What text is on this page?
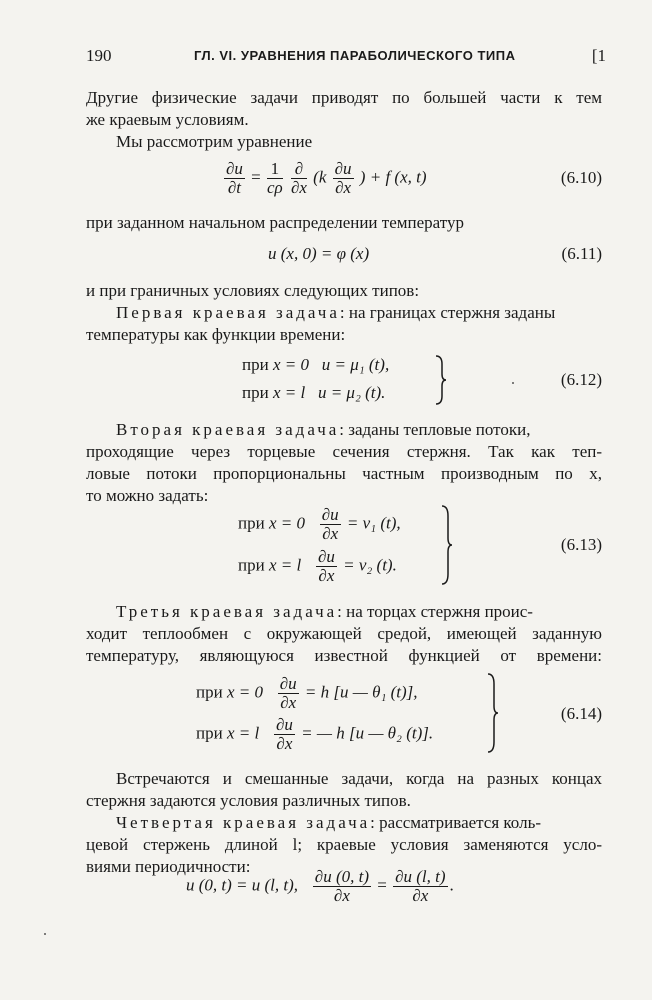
190	ГЛ. VI. УРАВНЕНИЯ ПАРАБОЛИЧЕСКОГО ТИПА	[1
Другие физические задачи приводят по большей части к тем
же краевым условиям.
Мы рассмотрим уравнение
$\frac{\partial u}{\partial t} = \frac{1}{c\rho}$
$\frac{\partial}{\partial x} (k \frac{\partial u}{\partial x}$ ) + f (x, t)	(6.10)
при заданном начальном распределении температур
u (x, 0) = φ (x)	(6.11)
и при граничных условиях следующих типов:
Первая краевая задача: на границах стержня заданы
температуры как функции времени:
при x = 0 u = μ₁ (t),
при x = l u = μ₂ (t).
(6.12)
Вторая краевая задача: заданы тепловые потоки,
проходящие через торцевые сечения стержня. Так как теп-
ловые потоки пропорциональны частным производным по x,
то можно задать:
при $x = 0 \frac{\partial u}{\partial x} = \nu_1$ (t),
при x = l $\frac{\partial u}{\partial x} = \nu_2$ (t).
(6.13)
Третья краевая задача: на торцах стержня проис-
ходит теплообмен с окружающей средой, имеющей заданную
температуру, являющуюся известной функцией от времени:
при $x = 0 \frac{\partial u}{\partial x} = h$ [u — θ₁ (t)],
при x = l $\frac{\partial u}{\partial x}$ = — h [u — θ₂ (t)].
(6.14)
Встречаются и смешанные задачи, когда на разных концах
стержня задаются условия различных типов.
Четвертая краевая задача: рассматривается коль-
цевой стержень длиной l; краевые условия заменяются усло-
виями периодичности:
u (0, t) = u (l, t), $\frac{\partial u (0, t)}{\partial x} = \frac{\partial u (l, t)}{\partial x}$ .
